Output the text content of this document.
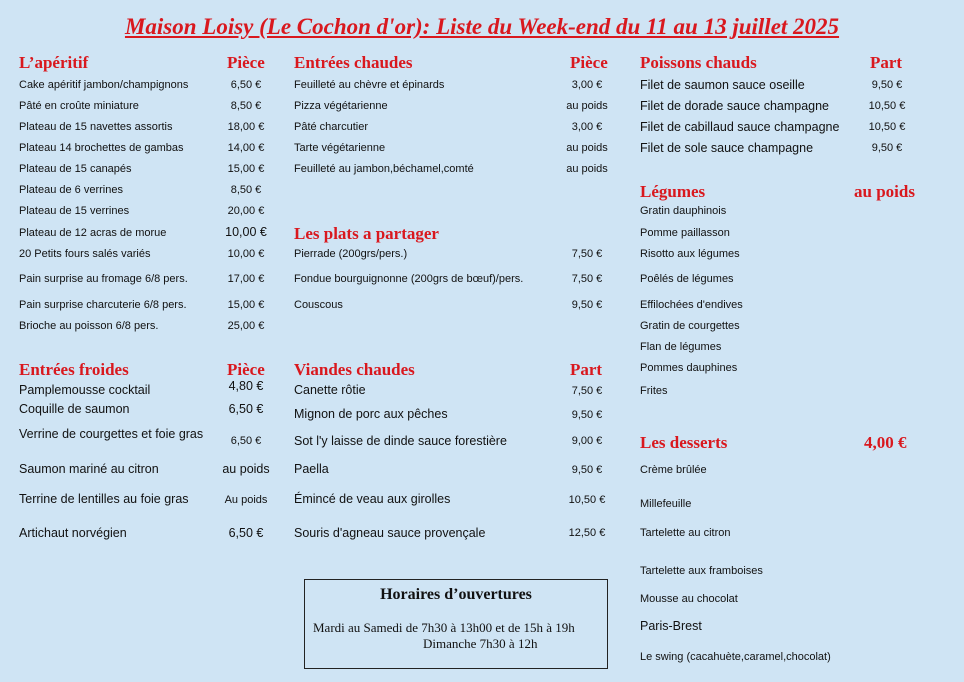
Maison Loisy (Le Cochon d'or): Liste du Week-end du 11 au 13 juillet 2025
L’apéritif	Pièce
Cake apéritif jambon/champignons	6,50 €
Pâté en croûte miniature	8,50 €
Plateau de 15 navettes assortis	18,00 €
Plateau 14 brochettes de gambas	14,00 €
Plateau de 15 canapés	15,00 €
Plateau de 6 verrines	8,50 €
Plateau de 15 verrines	20,00 €
Plateau de 12 acras de morue	10,00 €
20 Petits fours salés variés	10,00 €
Pain surprise au fromage 6/8 pers.	17,00 €
Pain surprise charcuterie 6/8 pers.	15,00 €
Brioche au poisson 6/8 pers.	25,00 €
Entrées froides	Pièce
Pamplemousse cocktail	4,80 €
Coquille de saumon	6,50 €
Verrine de courgettes et foie gras	6,50 €
Saumon mariné au citron	au poids
Terrine de lentilles au foie gras	Au poids
Artichaut norvégien	6,50 €
Entrées chaudes	Pièce
Feuilleté au chèvre et épinards	3,00 €
Pizza végétarienne	au poids
Pâté charcutier	3,00 €
Tarte végétarienne	au poids
Feuilleté au jambon,béchamel,comté	au poids
Les plats a partager
Pierrade (200grs/pers.)	7,50 €
Fondue bourguignonne (200grs de bœuf)/pers.	7,50 €
Couscous	9,50 €
Viandes chaudes	Part
Canette rôtie	7,50 €
Mignon de porc aux pêches	9,50 €
Sot l'y laisse de dinde sauce forestière	9,00 €
Paella	9,50 €
Émincé de veau aux girolles	10,50 €
Souris d'agneau sauce provençale	12,50 €
Horaires d’ouvertures
Mardi au Samedi de 7h30 à 13h00 et de 15h à 19h
Dimanche 7h30 à 12h
Poissons chauds	Part
Filet de saumon sauce oseille	9,50 €
Filet de dorade sauce champagne	10,50 €
Filet de cabillaud sauce champagne	10,50 €
Filet de sole sauce champagne	9,50 €
Légumes	au poids
Gratin dauphinois
Pomme paillasson
Risotto aux légumes
Poêlés de légumes
Effilochées d'endives
Gratin de courgettes
Flan de légumes
Pommes dauphines
Frites
Les desserts	4,00 €
Crème brûlée
Millefeuille
Tartelette au citron
Tartelette aux framboises
Mousse au chocolat
Paris-Brest
Le swing (cacahuète,caramel,chocolat)
